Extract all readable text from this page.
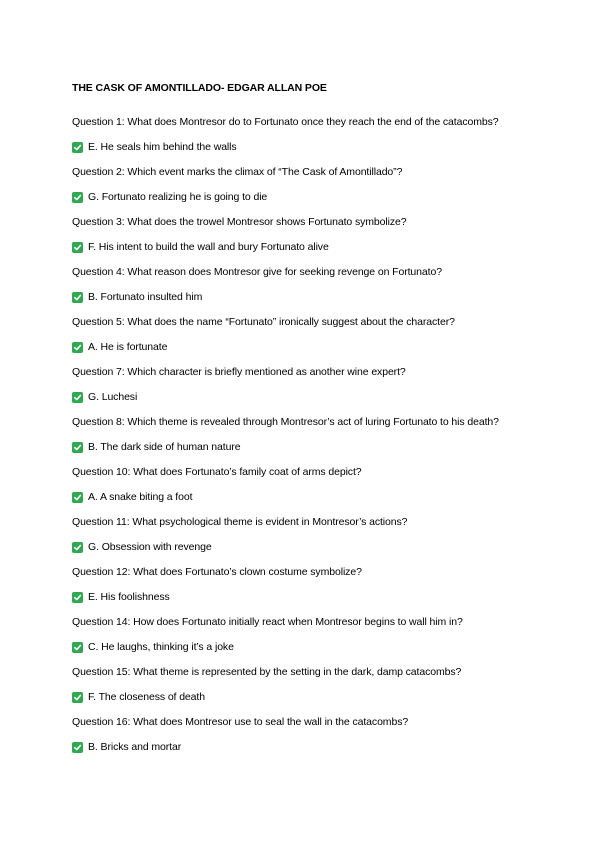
THE CASK OF AMONTILLADO- EDGAR ALLAN POE
Question 1: What does Montresor do to Fortunato once they reach the end of the catacombs?
E. He seals him behind the walls
Question 2: Which event marks the climax of “The Cask of Amontillado”?
G. Fortunato realizing he is going to die
Question 3: What does the trowel Montresor shows Fortunato symbolize?
F. His intent to build the wall and bury Fortunato alive
Question 4: What reason does Montresor give for seeking revenge on Fortunato?
B. Fortunato insulted him
Question 5: What does the name “Fortunato” ironically suggest about the character?
A. He is fortunate
Question 7: Which character is briefly mentioned as another wine expert?
G. Luchesi
Question 8: Which theme is revealed through Montresor’s act of luring Fortunato to his death?
B. The dark side of human nature
Question 10: What does Fortunato’s family coat of arms depict?
A. A snake biting a foot
Question 11: What psychological theme is evident in Montresor’s actions?
G. Obsession with revenge
Question 12: What does Fortunato’s clown costume symbolize?
E. His foolishness
Question 14: How does Fortunato initially react when Montresor begins to wall him in?
C. He laughs, thinking it’s a joke
Question 15: What theme is represented by the setting in the dark, damp catacombs?
F. The closeness of death
Question 16: What does Montresor use to seal the wall in the catacombs?
B. Bricks and mortar
